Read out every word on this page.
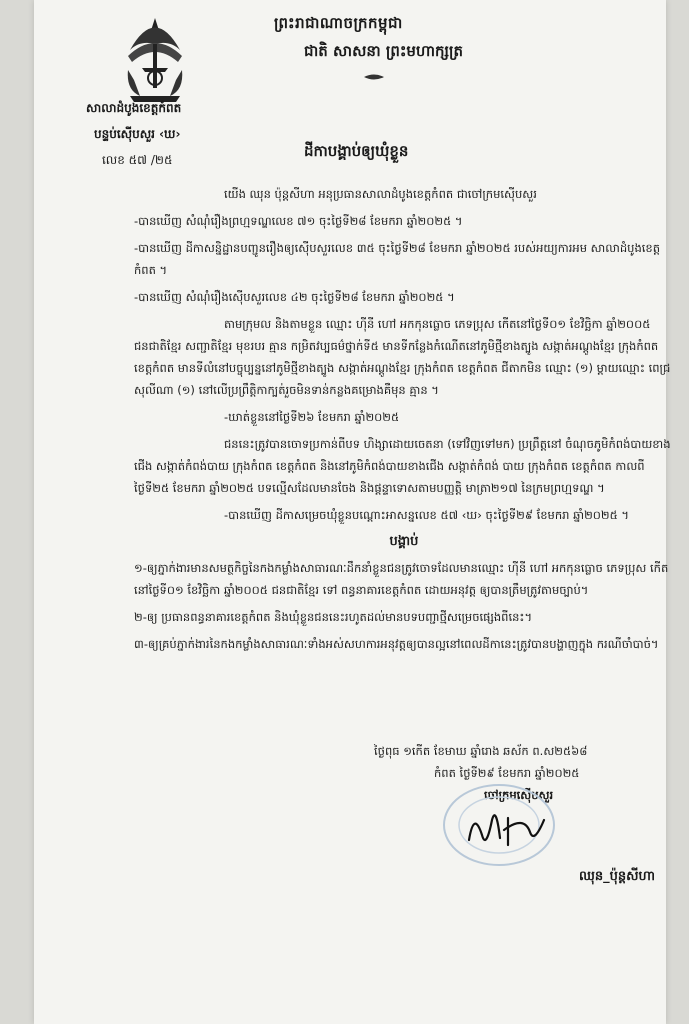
សាលាដំបូងខេត្តកំពត
បន្ទប់ស៊ើបសួរ ‹ឃ›
លេខ ៥៧ /២៥
ព្រះរាជាណាចក្រកម្ពុជា
ជាតិ សាសនា ព្រះមហាក្សត្រ
ដីកាបង្គាប់ឲ្យឃុំខ្លួន

យើង ឈុន ប៉ុន្តសីហា អនុប្រធានសាលាដំបូងខេត្តកំពត ជាចៅក្រមស៊ើបសួរ

-បានឃើញ សំណុំរឿងព្រហ្មទណ្ឌលេខ ៧១ ចុះថ្ងៃទី២៨ ខែមករា ឆ្នាំ២០២៥ ។

-បានឃើញ ដីកាសន្និដ្ឋានបញ្ជូនរឿងឲ្យស៊ើបសួរលេខ ៣៥ ចុះថ្ងៃទី២៨ ខែមករា ឆ្នាំ២០២៥ របស់អយ្យការអម សាលាដំបូងខេត្តកំពត ។

-បានឃើញ សំណុំរឿងស៊ើបសួរលេខ ៤២ ចុះថ្ងៃទី២៨ ខែមករា ឆ្នាំ២០២៥ ។

តាមក្រុមល និងតាមខ្លួន ឈ្មោះ ហ៊ីនី ហៅ អកកុនធ្លោច ភេទប្រុស កើតនៅថ្ងៃទី០១ ខែវិច្ឆិកា ឆ្នាំ២០០៥ ជនជាតិខ្មែរ សញ្ជាតិខ្មែរ មុខរបរ គ្មាន កម្រិតវប្បធម៌ថ្នាក់ទី៥ មានទីកន្លែងកំណើតនៅភូមិថ្មីខាងត្បូង សង្កាត់អណ្តូងខ្មែរ ក្រុងកំពត ខេត្តកំពត មានទីលំនៅបច្ចុប្បន្ននៅភូមិថ្មីខាងត្បូង សង្កាត់អណ្តូងខ្មែរ ក្រុងកំពត ខេត្តកំពត ជីតាកមិន ឈ្មោះ (១) ម្តាយឈ្មោះ ពេជ្រ សុលីណា (១) នៅលើប្រព្រឹត្តិកាក្បត់រួចមិនទាន់កន្លងគម្រោងគឺមុន គ្មាន ។

-ឃាត់ខ្លួននៅថ្ងៃទី២៦ ខែមករា ឆ្នាំ២០២៥

ជននេះត្រូវបានចោទប្រកាន់ពីបទ ហិង្សាដោយចេតនា (ទៅវិញទៅមក) ប្រព្រឹត្តនៅ ចំណុចភូមិកំពង់បាយខាងជើង សង្កាត់កំពង់បាយ ក្រុងកំពត ខេត្តកំពត និងនៅភូមិកំពង់បាយខាងជើង សង្កាត់កំពង់ បាយ ក្រុងកំពត ខេត្តកំពត កាលពីថ្ងៃទី២៥ ខែមករា ឆ្នាំ២០២៥ បទល្មើសដែលមានចែង និងផ្តន្ទាទោសតាមបញ្ញត្តិ មាត្រា២១៧ នៃក្រមព្រហ្មទណ្ឌ ។

-បានឃើញ ដីកាសម្រេចឃុំខ្លួនបណ្តោះអាសន្នលេខ ៥៧ ‹ឃ› ចុះថ្ងៃទី២៩ ខែមករា ឆ្នាំ២០២៥ ។

បង្គាប់

១-ឲ្យភ្នាក់ងារមានសមត្ថកិច្ចនៃកងកម្លាំងសាធារណៈដឹកនាំខ្លួនជនត្រូវចោទដែលមានឈ្មោះ ហ៊ីនី ហៅ អកកុនធ្លោច ភេទប្រុស កើតនៅថ្ងៃទី០១ ខែវិច្ឆិកា ឆ្នាំ២០០៥ ជនជាតិខ្មែរ ទៅ ពន្ធនាគារខេត្តកំពត ដោយអនុវត្ត ឲ្យបានត្រឹមត្រូវតាមច្បាប់។

២-ឲ្យ ប្រធានពន្ធនាគារខេត្តកំពត និងឃុំខ្លួនជននេះរហូតដល់មានបទបញ្ជាថ្មីសម្រេចផ្សេងពីនេះ។

៣-ឲ្យគ្រប់ភ្នាក់ងារនៃកងកម្លាំងសាធារណៈទាំងអស់សហការអនុវត្តឲ្យបានល្អនៅពេលដីកានេះត្រូវបានបង្ហាញក្នុង ករណីចាំបាច់។

ថ្ងៃពុធ ១កើត ខែមាឃ ឆ្នាំរោង ឆស័ក ព.ស២៥៦៨
កំពត ថ្ងៃទី២៩ ខែមករា ឆ្នាំ២០២៥
ចៅក្រមស៊ើបសួរ
ឈុន_ប៉ុន្តសីហា
